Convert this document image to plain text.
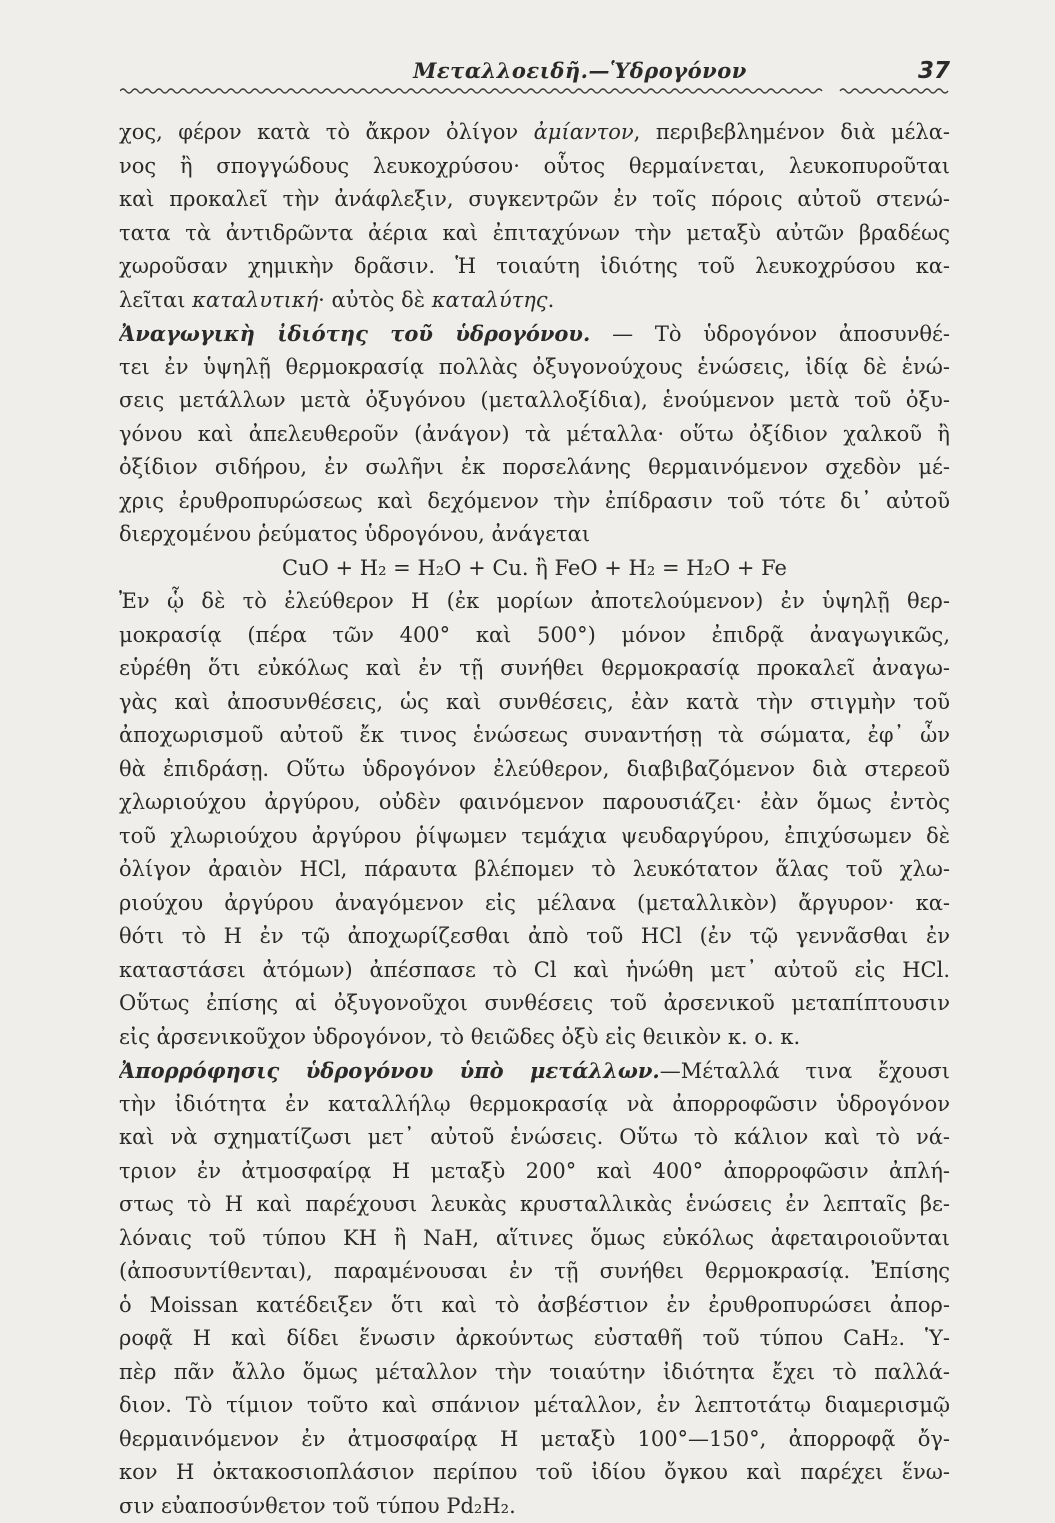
Μεταλλοειδῆ.—Ὑδρογόνον	37
χος, φέρον κατὰ τὸ ἄκρον ὀλίγον ἀμίαντον, περιβεβλημένον διὰ μέλα-
νος ἢ σπογγώδους λευκοχρύσου· οὗτος θερμαίνεται, λευκοπυροῦται
καὶ προκαλεῖ τὴν ἀνάφλεξιν, συγκεντρῶν ἐν τοῖς πόροις αὐτοῦ στενώ-
τατα τὰ ἀντιδρῶντα ἀέρια καὶ ἐπιταχύνων τὴν μεταξὺ αὐτῶν βραδέως
χωροῦσαν χημικὴν δρᾶσιν. Ἡ τοιαύτη ἰδιότης τοῦ λευκοχρύσου κα-
λεῖται καταλυτική· αὐτὸς δὲ καταλύτης.
Ἀναγωγικὴ ἰδιότης τοῦ ὑδρογόνου. — Τὸ ὑδρογόνον ἀποσυνθέ-
τει ἐν ὑψηλῇ θερμοκρασίᾳ πολλὰς ὀξυγονούχους ἑνώσεις, ἰδίᾳ δὲ ἑνώ-
σεις μετάλλων μετὰ ὀξυγόνου (μεταλλοξίδια), ἑνούμενον μετὰ τοῦ ὀξυ-
γόνου καὶ ἀπελευθεροῦν (ἀνάγον) τὰ μέταλλα· οὕτω ὀξίδιον χαλκοῦ ἢ
ὀξίδιον σιδήρου, ἐν σωλῆνι ἐκ πορσελάνης θερμαινόμενον σχεδὸν μέ-
χρις ἐρυθροπυρώσεως καὶ δεχόμενον τὴν ἐπίδρασιν τοῦ τότε δι᾽ αὐτοῦ
διερχομένου ῥεύματος ὑδρογόνου, ἀνάγεται
CuO + H₂ = H₂O + Cu. ἢ FeO + H₂ = H₂O + Fe
Ἐν ᾧ δὲ τὸ ἐλεύθερον H (ἐκ μορίων ἀποτελούμενον) ἐν ὑψηλῇ θερ-
μοκρασίᾳ (πέρα τῶν 400° καὶ 500°) μόνον ἐπιδρᾷ ἀναγωγικῶς,
εὑρέθη ὅτι εὐκόλως καὶ ἐν τῇ συνήθει θερμοκρασίᾳ προκαλεῖ ἀναγω-
γὰς καὶ ἀποσυνθέσεις, ὡς καὶ συνθέσεις, ἐὰν κατὰ τὴν στιγμὴν τοῦ
ἀποχωρισμοῦ αὐτοῦ ἔκ τινος ἑνώσεως συναντήσῃ τὰ σώματα, ἐφ᾽ ὧν
θὰ ἐπιδράσῃ. Οὕτω ὑδρογόνον ἐλεύθερον, διαβιβαζόμενον διὰ στερεοῦ
χλωριούχου ἀργύρου, οὐδὲν φαινόμενον παρουσιάζει· ἐὰν ὅμως ἐντὸς
τοῦ χλωριούχου ἀργύρου ῥίψωμεν τεμάχια ψευδαργύρου, ἐπιχύσωμεν δὲ
ὀλίγον ἀραιὸν HCl, πάραυτα βλέπομεν τὸ λευκότατον ἅλας τοῦ χλω-
ριούχου ἀργύρου ἀναγόμενον εἰς μέλανα (μεταλλικὸν) ἄργυρον· κα-
θότι τὸ H ἐν τῷ ἀποχωρίζεσθαι ἀπὸ τοῦ HCl (ἐν τῷ γεννᾶσθαι ἐν
καταστάσει ἀτόμων) ἀπέσπασε τὸ Cl καὶ ἡνώθη μετ᾽ αὐτοῦ εἰς HCl.
Οὕτως ἐπίσης αἱ ὀξυγονοῦχοι συνθέσεις τοῦ ἀρσενικοῦ μεταπίπτουσιν
εἰς ἀρσενικοῦχον ὑδρογόνον, τὸ θειῶδες ὀξὺ εἰς θειικὸν κ. ο. κ.
Ἀπορρόφησις ὑδρογόνου ὑπὸ μετάλλων.—Μέταλλά τινα ἔχουσι
τὴν ἰδιότητα ἐν καταλλήλῳ θερμοκρασίᾳ νὰ ἀπορροφῶσιν ὑδρογόνον
καὶ νὰ σχηματίζωσι μετ᾽ αὐτοῦ ἑνώσεις. Οὕτω τὸ κάλιον καὶ τὸ νά-
τριον ἐν ἀτμοσφαίρᾳ H μεταξὺ 200° καὶ 400° ἀπορροφῶσιν ἀπλή-
στως τὸ H καὶ παρέχουσι λευκὰς κρυσταλλικὰς ἑνώσεις ἐν λεπταῖς βε-
λόναις τοῦ τύπου KH ἢ NaH, αἵτινες ὅμως εὐκόλως ἀφεταιροιοῦνται
(ἀποσυντίθενται), παραμένουσαι ἐν τῇ συνήθει θερμοκρασίᾳ. Ἐπίσης
ὁ Moissan κατέδειξεν ὅτι καὶ τὸ ἀσβέστιον ἐν ἐρυθροπυρώσει ἀπορ-
ροφᾷ H καὶ δίδει ἕνωσιν ἀρκούντως εὐσταθῆ τοῦ τύπου CaH₂. Ὑ-
πὲρ πᾶν ἄλλο ὅμως μέταλλον τὴν τοιαύτην ἰδιότητα ἔχει τὸ παλλά-
διον. Τὸ τίμιον τοῦτο καὶ σπάνιον μέταλλον, ἐν λεπτοτάτῳ διαμερισμῷ
θερμαινόμενον ἐν ἀτμοσφαίρᾳ H μεταξὺ 100°—150°, ἀπορροφᾷ ὄγ-
κον H ὀκτακοσιοπλάσιον περίπου τοῦ ἰδίου ὄγκου καὶ παρέχει ἕνω-
σιν εὐαποσύνθετον τοῦ τύπου Pd₂H₂.
